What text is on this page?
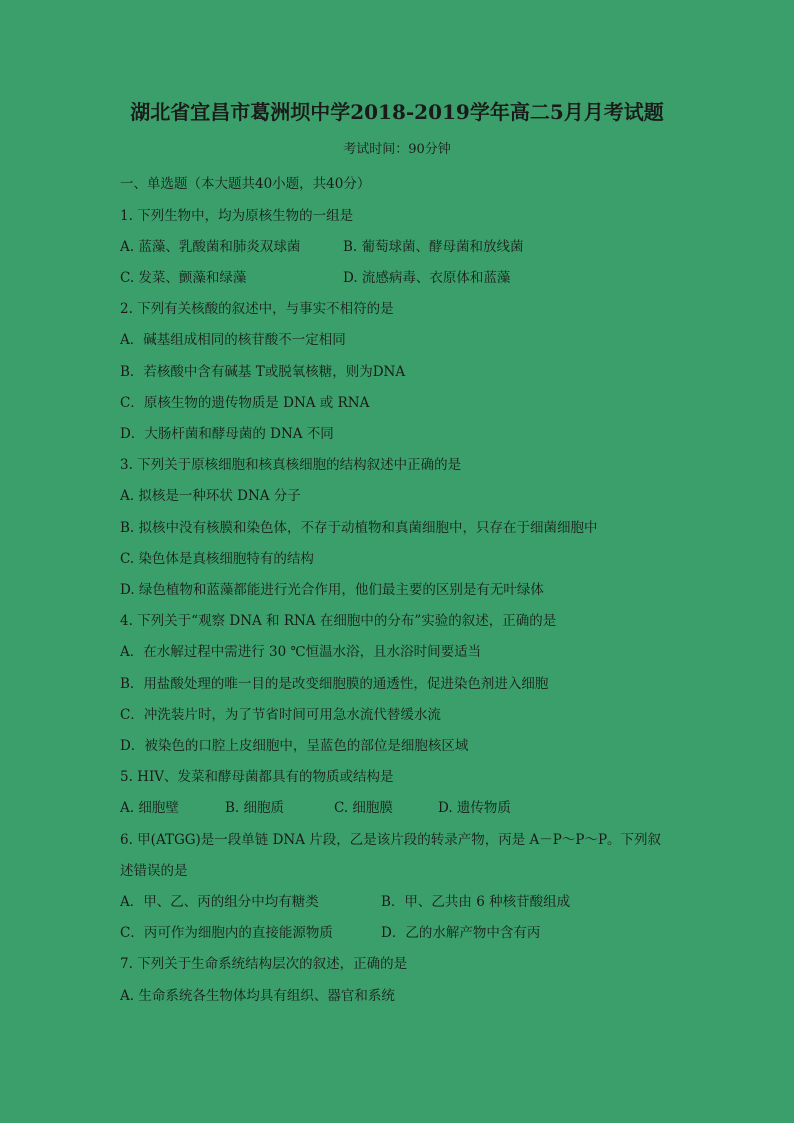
湖北省宜昌市葛洲坝中学2018-2019学年高二5月月考试题
考试时间：90分钟
一、单选题（本大题共40小题，共40分）
1. 下列生物中，均为原核生物的一组是
A. 蓝藻、乳酸菌和肺炎双球菌	B. 葡萄球菌、酵母菌和放线菌
C. 发菜、颤藻和绿藻	D. 流感病毒、衣原体和蓝藻
2. 下列有关核酸的叙述中，与事实不相符的是
A．碱基组成相同的核苷酸不一定相同
B．若核酸中含有碱基 T或脱氧核糖，则为DNA
C．原核生物的遗传物质是 DNA 或 RNA
D．大肠杆菌和酵母菌的 DNA 不同
3. 下列关于原核细胞和核真核细胞的结构叙述中正确的是
A. 拟核是一种环状 DNA 分子
B. 拟核中没有核膜和染色体，不存于动植物和真菌细胞中，只存在于细菌细胞中
C. 染色体是真核细胞特有的结构
D. 绿色植物和蓝藻都能进行光合作用，他们最主要的区别是有无叶绿体
4. 下列关于“观察 DNA 和 RNA 在细胞中的分布”实验的叙述，正确的是
A．在水解过程中需进行 30 ℃恒温水浴，且水浴时间要适当
B．用盐酸处理的唯一目的是改变细胞膜的通透性，促进染色剂进入细胞
C．冲洗装片时，为了节省时间可用急水流代替缓水流
D．被染色的口腔上皮细胞中，呈蓝色的部位是细胞核区域
5. HIV、发菜和酵母菌都具有的物质或结构是
A. 细胞壁	B. 细胞质	C. 细胞膜	D. 遗传物质
6. 甲(ATGG)是一段单链 DNA 片段，乙是该片段的转录产物，丙是 A－P～P～P。下列叙
述错误的是
A．甲、乙、丙的组分中均有糖类	B．甲、乙共由 6 种核苷酸组成
C．丙可作为细胞内的直接能源物质	D．乙的水解产物中含有丙
7. 下列关于生命系统结构层次的叙述，正确的是
A. 生命系统各生物体均具有组织、器官和系统
